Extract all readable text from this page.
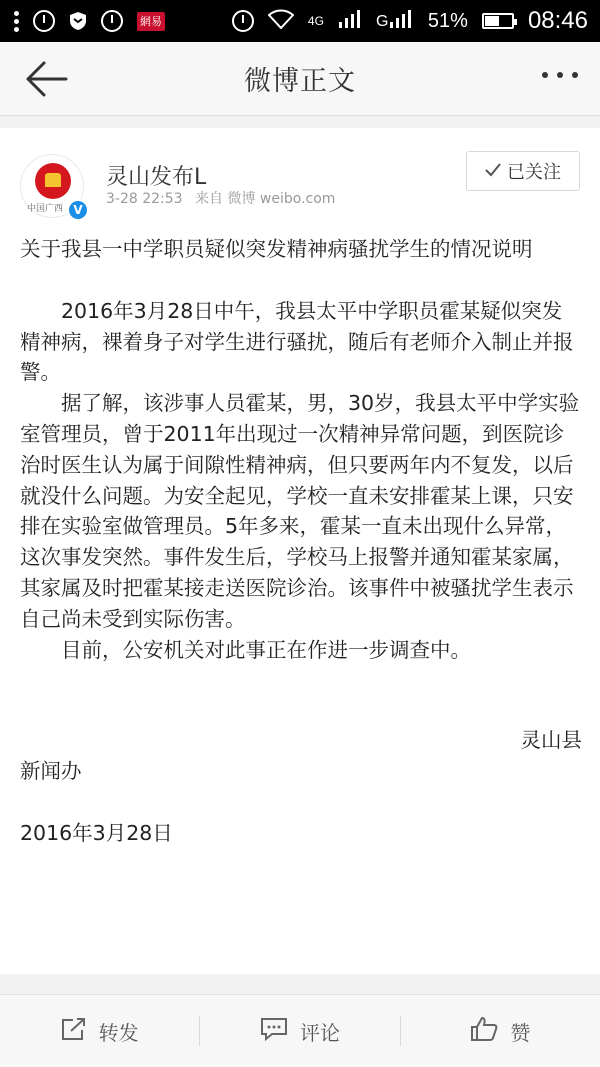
網易	4G	G 51%	08:46
微博正文
中国广西 V
灵山发布L
3-28 22:53 来自 微博 weibo.com
已关注

关于我县一中学职员疑似突发精神病骚扰学生的情况说明

2016年3月28日中午，我县太平中学职员霍某疑似突发精神病，裸着身子对学生进行骚扰，随后有老师介入制止并报警。

据了解，该涉事人员霍某，男，30岁，我县太平中学实验室管理员，曾于2011年出现过一次精神异常问题，到医院诊治时医生认为属于间隙性精神病，但只要两年内不复发，以后就没什么问题。为安全起见，学校一直未安排霍某上课，只安排在实验室做管理员。5年多来，霍某一直未出现什么异常，这次事发突然。事件发生后，学校马上报警并通知霍某家属，其家属及时把霍某接走送医院诊治。该事件中被骚扰学生表示自己尚未受到实际伤害。

目前，公安机关对此事正在作进一步调查中。

灵山县

新闻办

2016年3月28日

转发	评论	赞
